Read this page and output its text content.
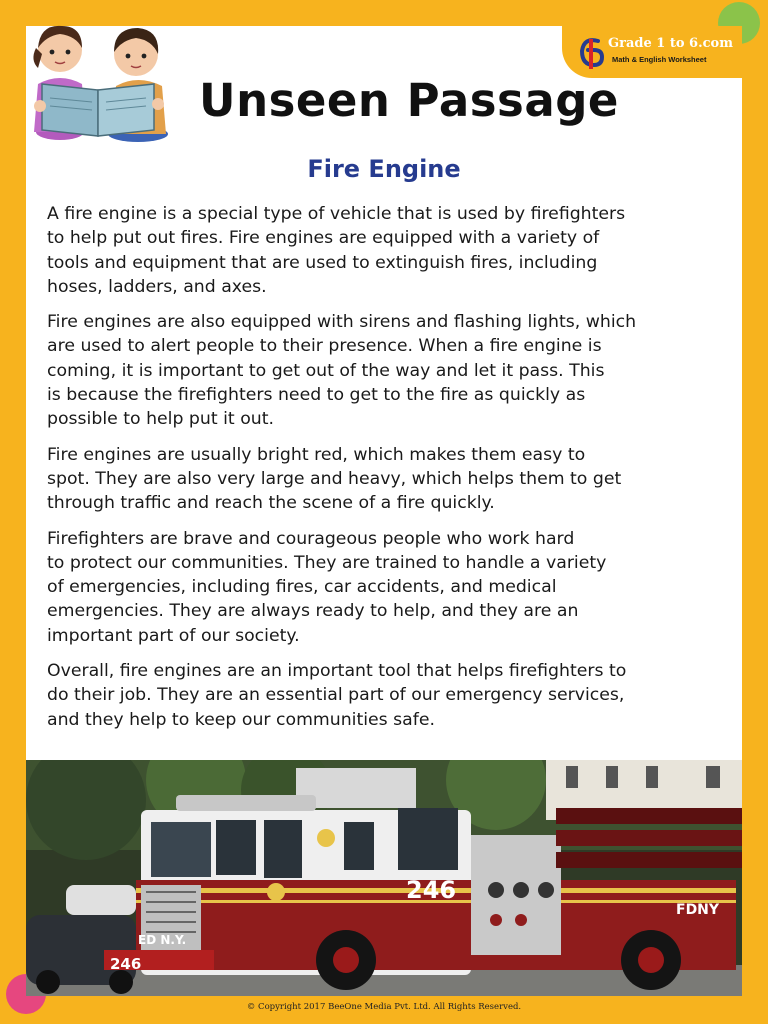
Grade 1 to 6.com
Math & English Worksheet
Unseen Passage
Fire Engine

A fire engine is a special type of vehicle that is used by firefighters
to help put out fires. Fire engines are equipped with a variety of
tools and equipment that are used to extinguish fires, including
hoses, ladders, and axes.

Fire engines are also equipped with sirens and flashing lights, which
are used to alert people to their presence. When a fire engine is
coming, it is important to get out of the way and let it pass. This
is because the firefighters need to get to the fire as quickly as
possible to help put it out.

Fire engines are usually bright red, which makes them easy to
spot. They are also very large and heavy, which helps them to get
through traffic and reach the scene of a fire quickly.

Firefighters are brave and courageous people who work hard
to protect our communities. They are trained to handle a variety
of emergencies, including fires, car accidents, and medical
emergencies. They are always ready to help, and they are an
important part of our society.

Overall, fire engines are an important tool that helps firefighters to
do their job. They are an essential part of our emergency services,
and they help to keep our communities safe.

246
246
FDNY
ED N.Y.
© Copyright 2017 BeeOne Media Pvt. Ltd. All Rights Reserved.
